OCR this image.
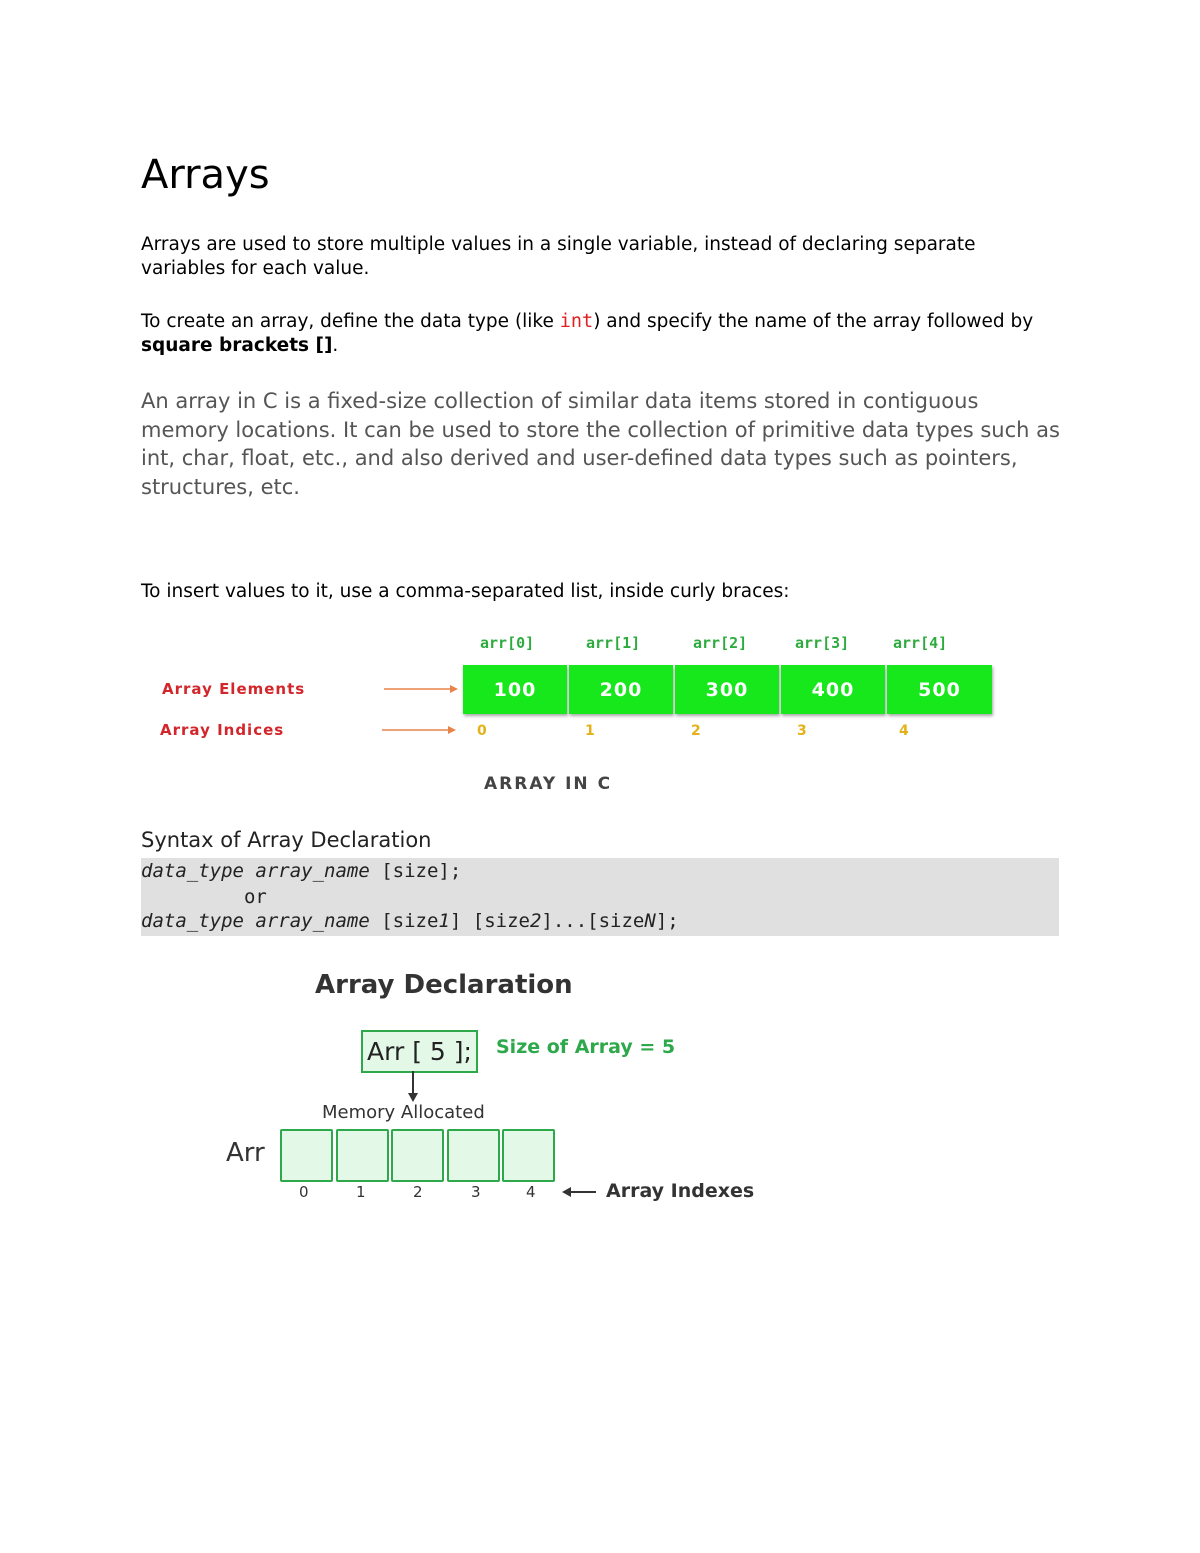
Arrays
Arrays are used to store multiple values in a single variable, instead of declaring separate variables for each value.
To create an array, define the data type (like int) and specify the name of the array followed by square brackets [].
An array in C is a fixed-size collection of similar data items stored in contiguous memory locations. It can be used to store the collection of primitive data types such as int, char, float, etc., and also derived and user-defined data types such as pointers, structures, etc.
To insert values to it, use a comma-separated list, inside curly braces:
arr[0]	arr[1]	arr[2]	arr[3]	arr[4]
Array Elements
Array Indices
100	200	300	400	500
0	1	2	3	4
ARRAY IN C
Syntax of Array Declaration
data_type array_name [size];
or
data_type array_name [size1] [size2]...[sizeN];
Array Declaration
Arr [ 5 ];	Size of Array = 5
Memory Allocated
Arr
0	1	2	3	4	Array Indexes
